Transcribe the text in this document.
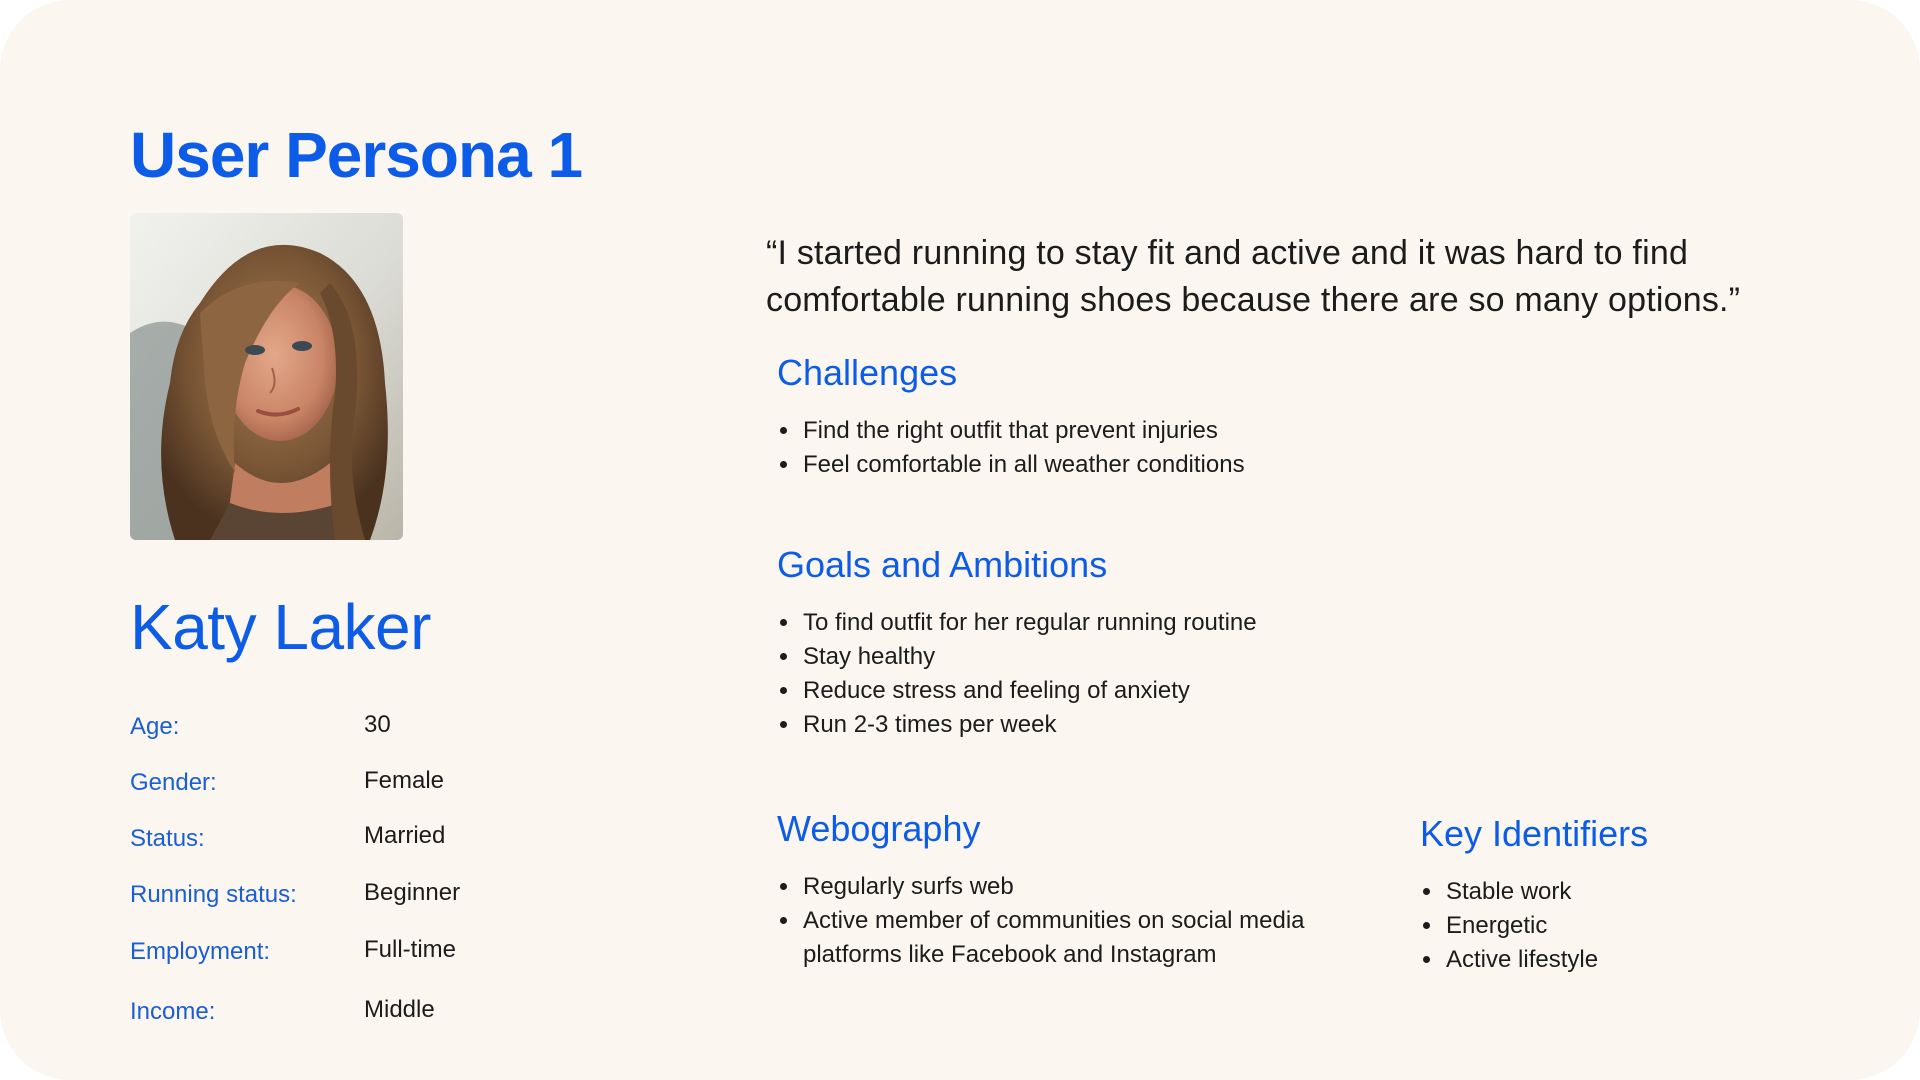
User Persona 1
Katy Laker
Age:	30
Gender:	Female
Status:	Married
Running status:	Beginner
Employment:	Full-time
Income:	Middle
“I started running to stay fit and active and it was hard to find comfortable running shoes because there are so many options.”
Challenges
• Find the right outfit that prevent injuries
• Feel comfortable in all weather conditions
Goals and Ambitions
• To find outfit for her regular running routine
• Stay healthy
• Reduce stress and feeling of anxiety
• Run 2-3 times per week
Webography
• Regularly surfs web
• Active member of communities on social media platforms like Facebook and Instagram
Key Identifiers
• Stable work
• Energetic
• Active lifestyle
